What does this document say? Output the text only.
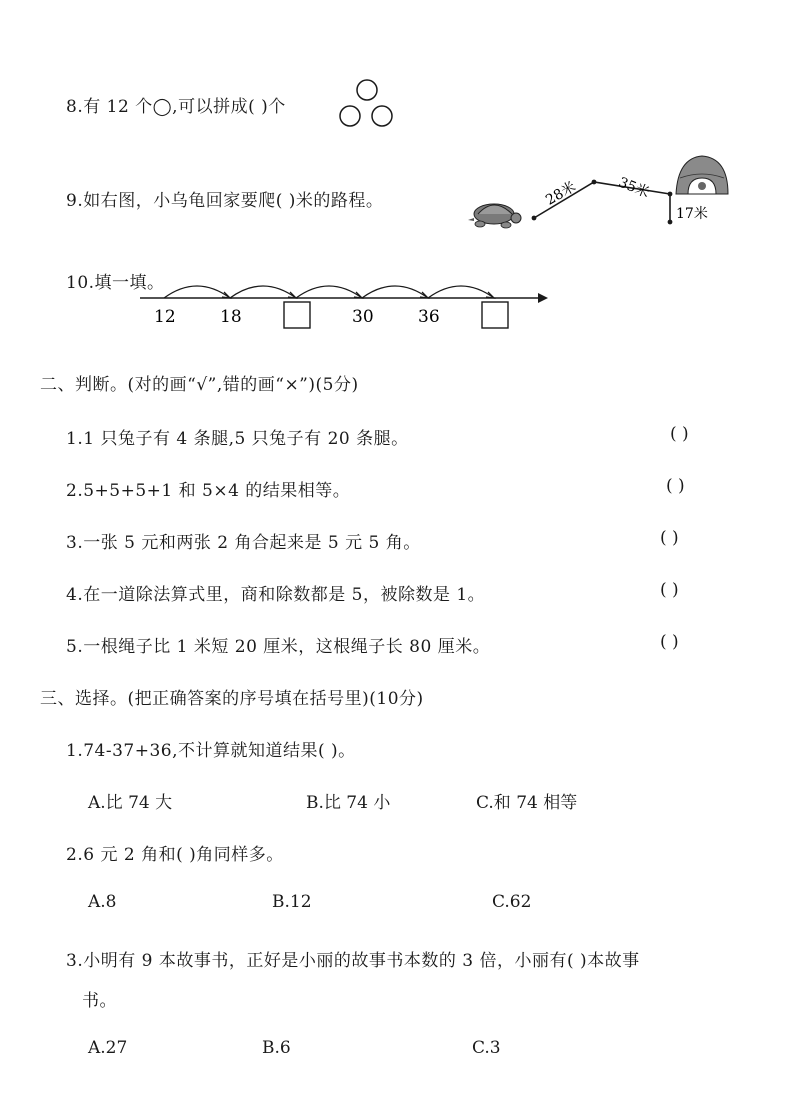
8.有 12 个◯,可以拼成( )个
9.如右图，小乌龟回家要爬( )米的路程。	28米	35米
17米
10.填一填。
12	18	30	36
二、判断。(对的画“√”,错的画“×”)(5分)
1.1 只兔子有 4 条腿,5 只兔子有 20 条腿。	( )
2.5+5+5+1 和 5×4 的结果相等。	( )
3.一张 5 元和两张 2 角合起来是 5 元 5 角。	( )
4.在一道除法算式里，商和除数都是 5，被除数是 1。	( )
5.一根绳子比 1 米短 20 厘米，这根绳子长 80 厘米。	( )
三、选择。(把正确答案的序号填在括号里)(10分)
1.74-37+36,不计算就知道结果( )。
A.比 74 大	B.比 74 小	C.和 74 相等
2.6 元 2 角和( )角同样多。
A.8	B.12	C.62
3.小明有 9 本故事书，正好是小丽的故事书本数的 3 倍，小丽有( )本故事
书。
A.27	B.6	C.3
